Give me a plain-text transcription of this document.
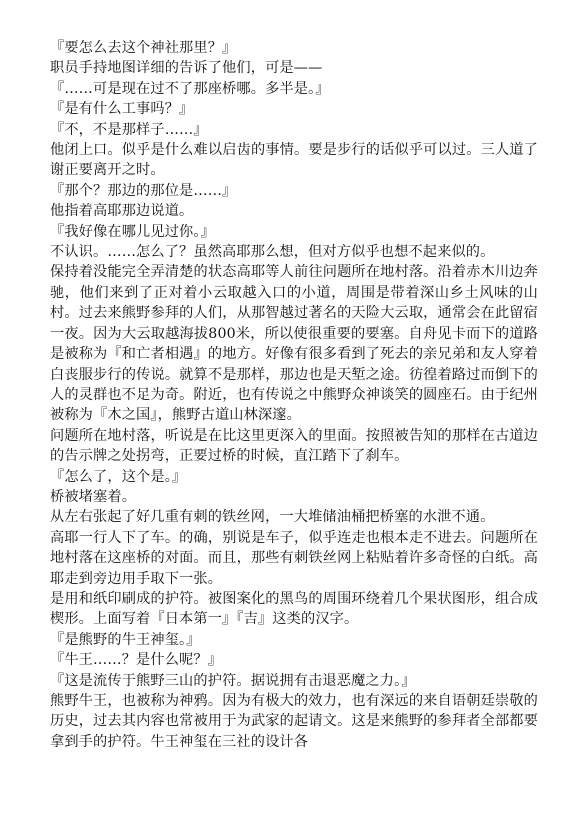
『要怎么去这个神社那里？』

职员手持地图详细的告诉了他们，可是——

『……可是现在过不了那座桥哪。多半是。』

『是有什么工事吗？』

『不，不是那样子……』

他闭上口。似乎是什么难以启齿的事情。要是步行的话似乎可以过。三人道了谢正要离开之时。

『那个？那边的那位是……』

他指着高耶那边说道。

『我好像在哪儿见过你。』

不认识。……怎么了？虽然高耶那么想，但对方似乎也想不起来似的。

保持着没能完全弄清楚的状态高耶等人前往问题所在地村落。沿着赤木川边奔驰，他们来到了正对着小云取越入口的小道，周围是带着深山乡土风味的山村。过去来熊野参拜的人们，从那智越过著名的天险大云取，通常会在此留宿一夜。因为大云取越海拔800米，所以使很重要的要塞。自舟见卡而下的道路是被称为『和亡者相遇』的地方。好像有很多看到了死去的亲兄弟和友人穿着白丧服步行的传说。就算不是那样，那边也是天堑之途。彷徨着路过而倒下的人的灵群也不足为奇。附近，也有传说之中熊野众神谈笑的圆座石。由于纪州被称为『木之国』，熊野古道山林深邃。

问题所在地村落，听说是在比这里更深入的里面。按照被告知的那样在古道边的告示牌之处拐弯，正要过桥的时候，直江踏下了刹车。

『怎么了，这个是。』

桥被堵塞着。

从左右张起了好几重有刺的铁丝网，一大堆储油桶把桥塞的水泄不通。

高耶一行人下了车。的确，别说是车子，似乎连走也根本走不进去。问题所在地村落在这座桥的对面。而且，那些有刺铁丝网上粘贴着许多奇怪的白纸。高耶走到旁边用手取下一张。

是用和纸印刷成的护符。被图案化的黑鸟的周围环绕着几个果状图形，组合成楔形。上面写着『日本第一』『吉』这类的汉字。

『是熊野的牛王神玺。』

『牛王……？是什么呢？』

『这是流传于熊野三山的护符。据说拥有击退恶魔之力。』

熊野牛王，也被称为神鸦。因为有极大的效力，也有深远的来自语朝廷崇敬的历史，过去其内容也常被用于为武家的起请文。这是来熊野的参拜者全部都要拿到手的护符。牛王神玺在三社的设计各
